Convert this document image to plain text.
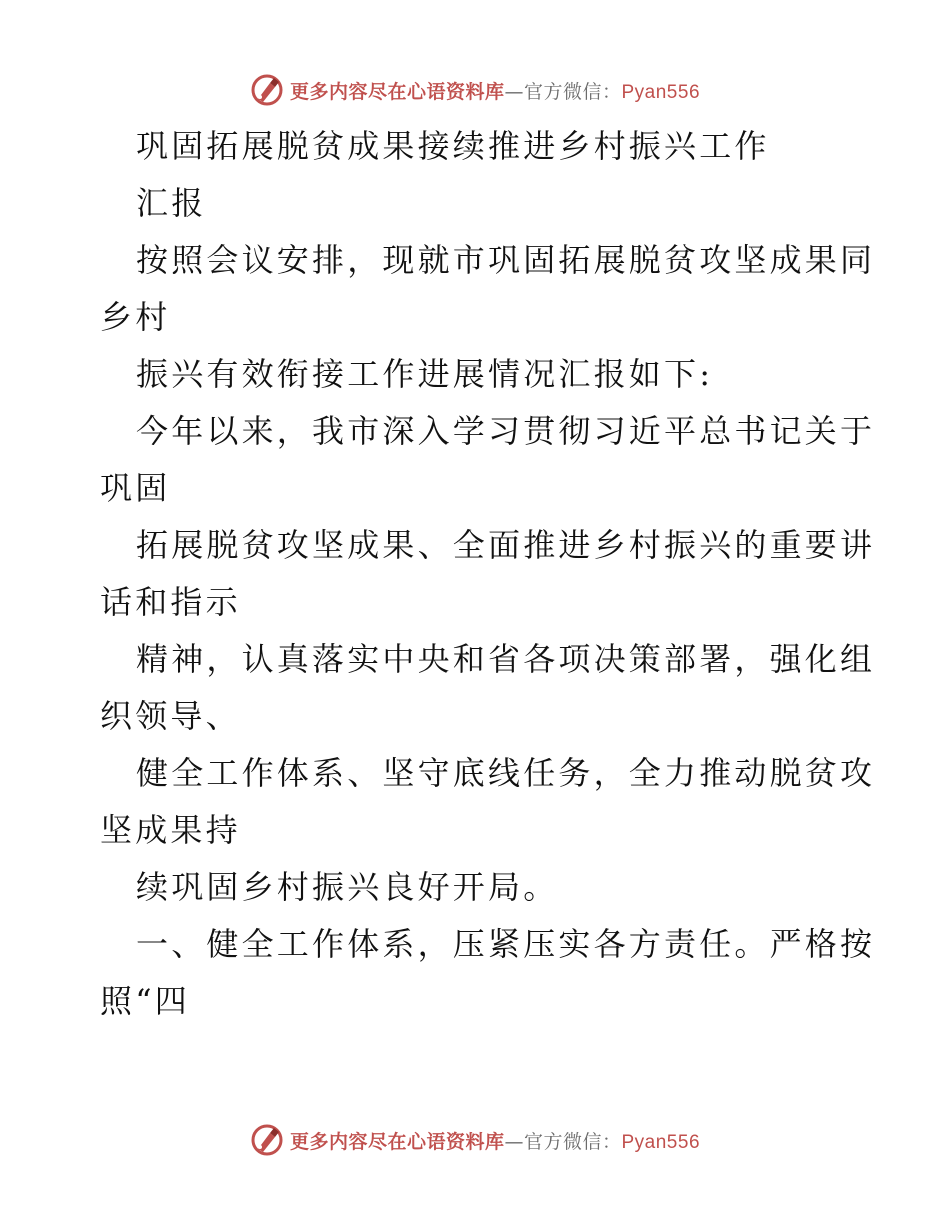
更多内容尽在心语资料库 —官方微信： Pyan556
巩固拓展脱贫成果接续推进乡村振兴工作
汇报
按照会议安排，现就市巩固拓展脱贫攻坚成果同
乡村
振兴有效衔接工作进展情况汇报如下:
今年以来，我市深入学习贯彻习近平总书记关于
巩固
拓展脱贫攻坚成果、全面推进乡村振兴的重要讲
话和指示
精神，认真落实中央和省各项决策部署，强化组
织领导、
健全工作体系、坚守底线任务，全力推动脱贫攻
坚成果持
续巩固乡村振兴良好开局。
一、健全工作体系，压紧压实各方责任。严格按
照“四
更多内容尽在心语资料库 —官方微信： Pyan556
